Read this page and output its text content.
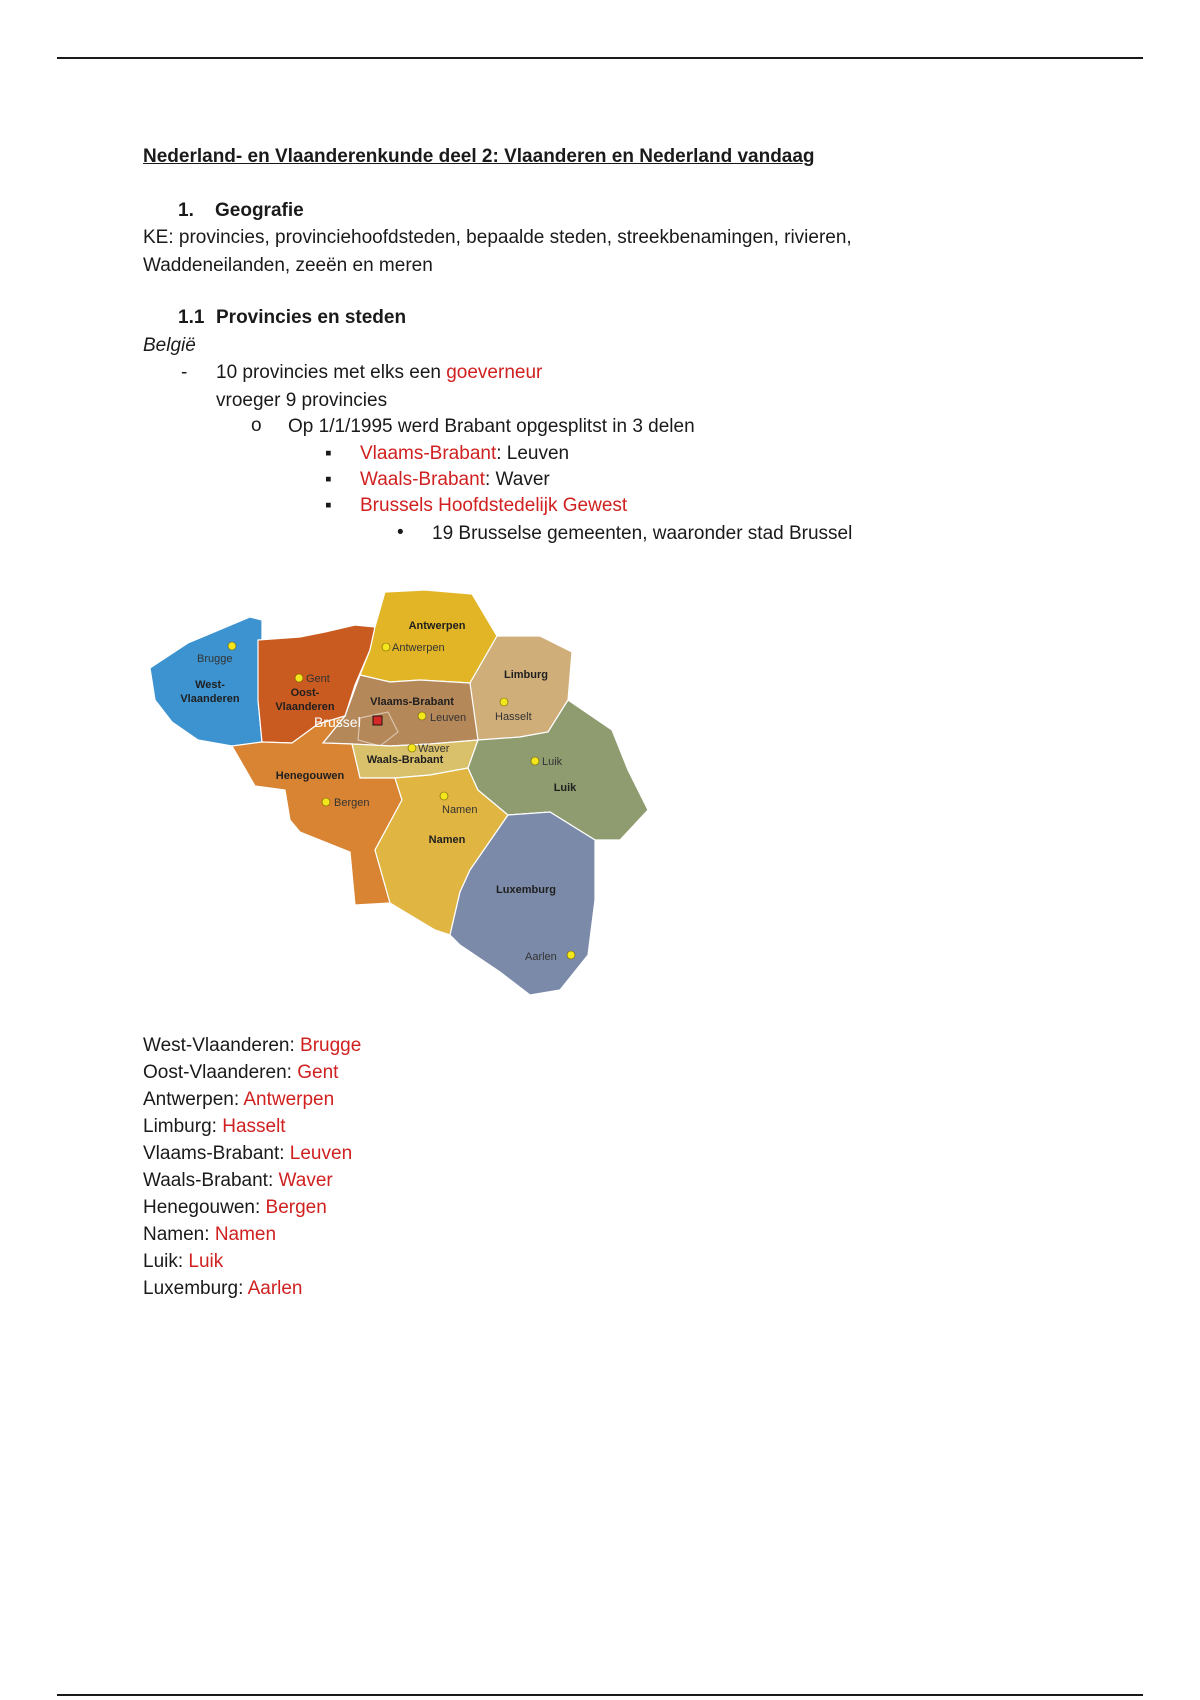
Nederland- en Vlaanderenkunde deel 2: Vlaanderen en Nederland vandaag
1. Geografie
KE: provincies, provinciehoofdsteden, bepaalde steden, streekbenamingen, rivieren,
Waddeneilanden, zeeën en meren
1.1 Provincies en steden
België
- 10 provincies met elks een goeverneur
vroeger 9 provincies
o Op 1/1/1995 werd Brabant opgesplitst in 3 delen
▪ Vlaams-Brabant: Leuven
▪ Waals-Brabant: Waver
▪ Brussels Hoofdstedelijk Gewest
• 19 Brusselse gemeenten, waaronder stad Brussel
Antwerpen
West-
Vlaanderen	Oost-
Vlaanderen
Limburg
Vlaams-Brabant
Waals-Brabant
Henegouwen
Luik
Namen
Luxemburg
Brugge
Gent
Antwerpen
Hasselt
Leuven
Waver
Bergen
Namen
Luik
Aarlen
Brussel
West-Vlaanderen: Brugge
Oost-Vlaanderen: Gent
Antwerpen: Antwerpen
Limburg: Hasselt
Vlaams-Brabant: Leuven
Waals-Brabant: Waver
Henegouwen: Bergen
Namen: Namen
Luik: Luik
Luxemburg: Aarlen
